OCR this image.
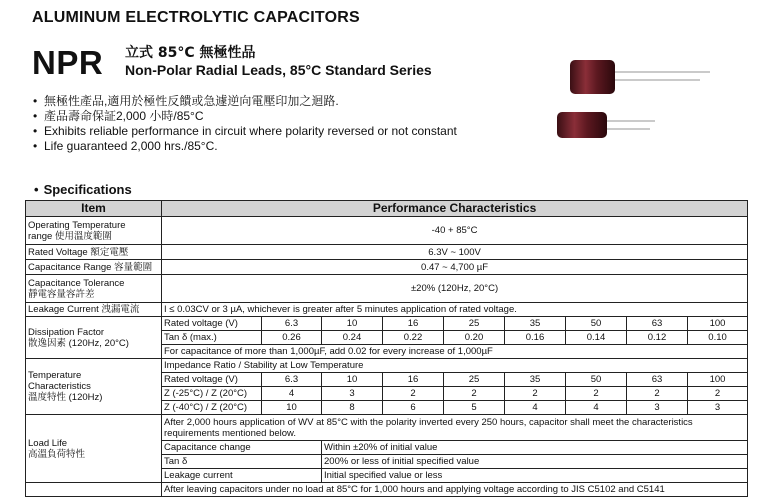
ALUMINUM ELECTROLYTIC CAPACITORS
NPR 立式 85°C 無極性品
Non-Polar Radial Leads, 85°C Standard Series
• 無極性產品,適用於極性反饋或急遽逆向電壓印加之迴路.
• 產品壽命保証2,000 小時/85°C
• Exhibits reliable performance in circuit where polarity reversed or not constant
• Life guaranteed 2,000 hrs./85°C.
• Specifications
Item	Performance Characteristics								
Operating Temperature
range 使用溫度範圍	-40 + 85°C								
Rated Voltage 額定電壓	6.3V ~ 100V								
Capacitance Range 容量範圍	0.47 ~ 4,700 µF								
Capacitance Tolerance
靜電容量容許差	±20% (120Hz, 20°C)								
Leakage Current 洩漏電流	I ≤ 0.03CV or 3 µA, whichever is greater after 5 minutes application of rated voltage.								
Dissipation Factor
散逸因素 (120Hz, 20°C)	Rated voltage (V)	6.3	10	16	25	35	50	63	100
	Tan δ (max.)	0.26	0.24	0.22	0.20	0.16	0.14	0.12	0.10
	For capacitance of more than 1,000µF, add 0.02 for every increase of 1,000µF								
Temperature
Characteristics
溫度特性 (120Hz)	Impedance Ratio / Stability at Low Temperature								
	Rated voltage (V)	6.3	10	16	25	35	50	63	100
	Z (-25°C) / Z (20°C)	4	3	2	2	2	2	2	2
	Z (-40°C) / Z (20°C)	10	8	6	5	4	4	3	3
Load Life
高溫負荷特性	After 2,000 hours application of WV at 85°C with the polarity inverted every 250 hours, capacitor shall meet the characteristics requirements mentioned below.								
	Capacitance change		Within ±20% of initial value						
	Tan δ		200% or less of initial specified value						
	Leakage current		Initial specified value or less						
	After leaving capacitors under no load at 85°C for 1,000 hours and applying voltage according to JIS C5102 and C5141								
